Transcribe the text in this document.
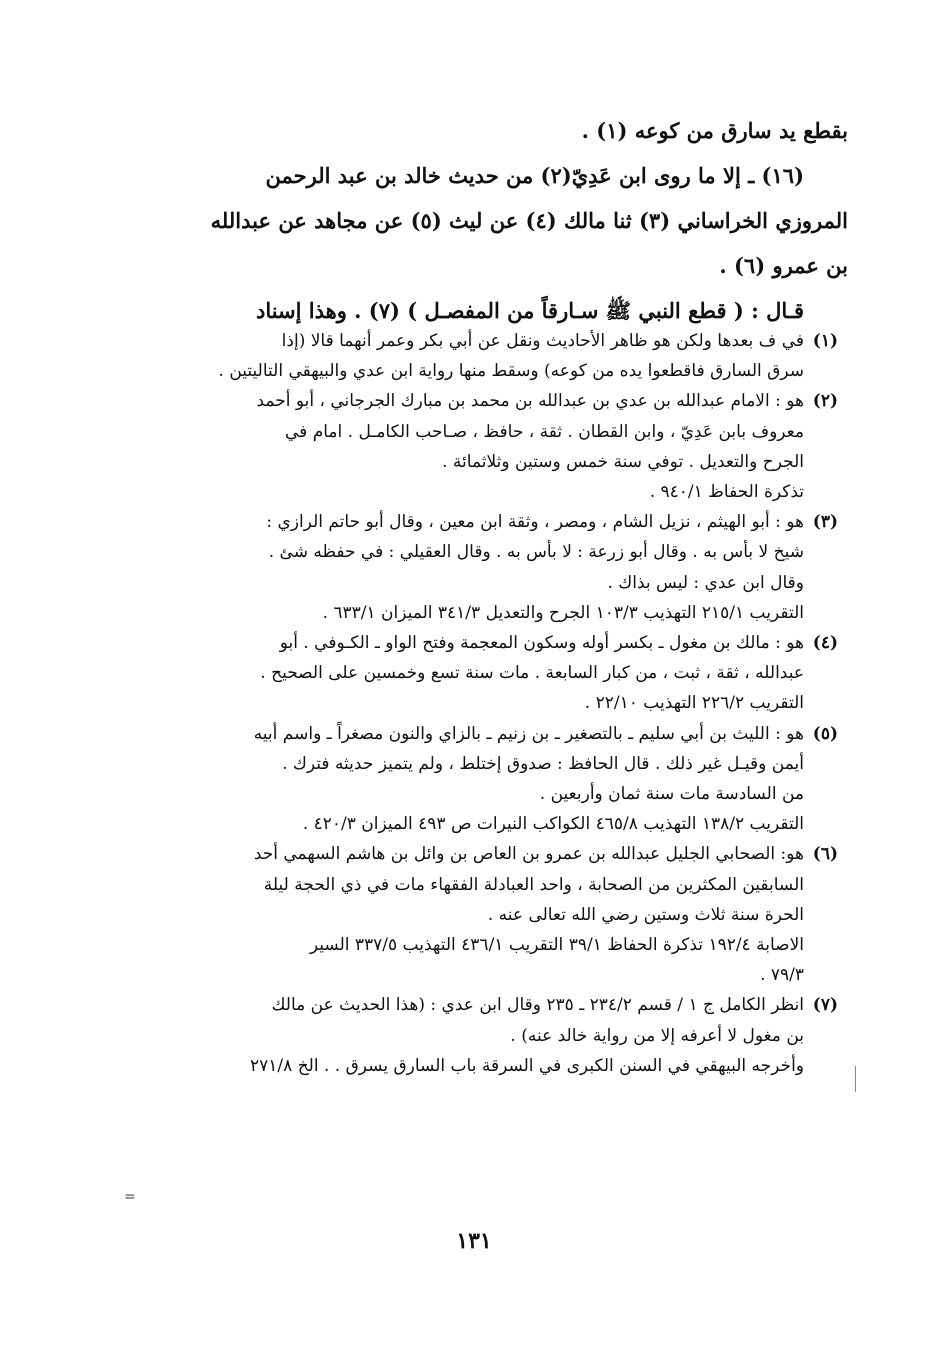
بقطع يد سارق من كوعه (١) .

(١٦) ـ إلا ما روى ابن عَدِيّ(٢) من حديث خالد بن عبد الرحمن

المروزي الخراساني (٣) ثنا مالك (٤) عن ليث (٥) عن مجاهد عن عبدالله

بن عمرو (٦) .

قـال : ( قطع النبي ﷺ سـارقاً من المفصـل ) (٧) . وهذا إسناد

(١)

في ف بعدها ولكن هو ظاهر الأحاديث ونقل عن أبي بكر وعمر أنهما قالا (إذا

سرق السارق فاقطعوا يده من كوعه) وسقط منها رواية ابن عدي والبيهقي التاليتين .

(٢)

هو : الامام عبدالله بن عدي بن عبدالله بن محمد بن مبارك الجرجاني ، أبو أحمد

معروف بابن عَدِيّ ، وابن القطان . ثقة ، حافظ ، صـاحب الكامـل . امام في

الجرح والتعديل . توفي سنة خمس وستين وثلاثمائة .

تذكرة الحفاظ ٩٤٠/١ .

(٣)

هو : أبو الهيثم ، نزيل الشام ، ومصر ، وثقة ابن معين ، وقال أبو حاتم الرازي :

شيخ لا بأس به . وقال أبو زرعة : لا بأس به . وقال العقيلي : في حفظه شئ .

وقال ابن عدي : ليس بذاك .

التقريب ٢١٥/١ التهذيب ١٠٣/٣ الجرح والتعديل ٣٤١/٣ الميزان ٦٣٣/١ .

(٤)

هو : مالك بن مغول ـ بكسر أوله وسكون المعجمة وفتح الواو ـ الكـوفي . أبو

عبدالله ، ثقة ، ثبت ، من كبار السابعة . مات سنة تسع وخمسين على الصحيح .

التقريب ٢٢٦/٢ التهذيب ٢٢/١٠ .

(٥)

هو : الليث بن أبي سليم ـ بالتصغير ـ بن زنيم ـ بالزاي والنون مصغراً ـ واسم أبيه

أيمن وقيـل غير ذلك . قال الحافظ : صدوق إختلط ، ولم يتميز حديثه فترك .

من السادسة مات سنة ثمان وأربعين .

التقريب ١٣٨/٢ التهذيب ٤٦٥/٨ الكواكب النيرات ص ٤٩٣ الميزان ٤٢٠/٣ .

(٦)

هو: الصحابي الجليل عبدالله بن عمرو بن العاص بن وائل بن هاشم السهمي أحد

السابقين المكثرين من الصحابة ، واحد العبادلة الفقهاء مات في ذي الحجة ليلة

الحرة سنة ثلاث وستين رضي الله تعالى عنه .

الاصابة ١٩٢/٤ تذكرة الحفاظ ٣٩/١ التقريب ٤٣٦/١ التهذيب ٣٣٧/٥ السير

٧٩/٣ .

(٧)

انظر الكامل ج ١ / قسم ٢٣٤/٢ ـ ٢٣٥ وقال ابن عدي : (هذا الحديث عن مالك

بن مغول لا أعرفه إلا من رواية خالد عنه) .

وأخرجه البيهقي في السنن الكبرى في السرقة باب السارق يسرق . . الخ ٢٧١/٨

=
١٣١
